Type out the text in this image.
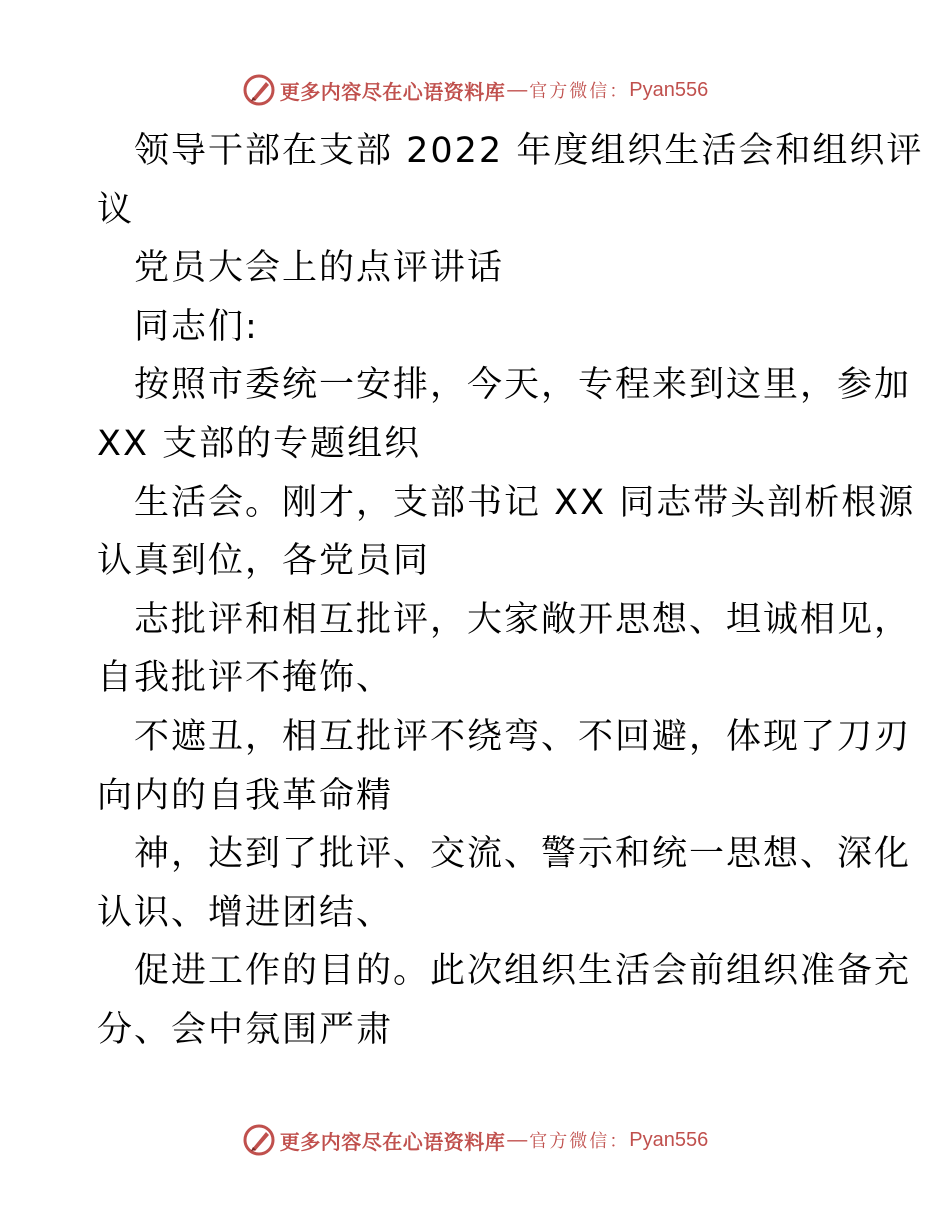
更多内容尽在心语资料库 — 官方微信： Pyan556
领导干部在支部 2022 年度组织生活会和组织评
议
党员大会上的点评讲话
同志们:
按照市委统一安排，今天，专程来到这里，参加
XX 支部的专题组织
生活会。刚才，支部书记 XX 同志带头剖析根源
认真到位，各党员同
志批评和相互批评，大家敞开思想、坦诚相见，
自我批评不掩饰、
不遮丑，相互批评不绕弯、不回避，体现了刀刃
向内的自我革命精
神，达到了批评、交流、警示和统一思想、深化
认识、增进团结、
促进工作的目的。此次组织生活会前组织准备充
分、会中氛围严肃
更多内容尽在心语资料库 — 官方微信： Pyan556
